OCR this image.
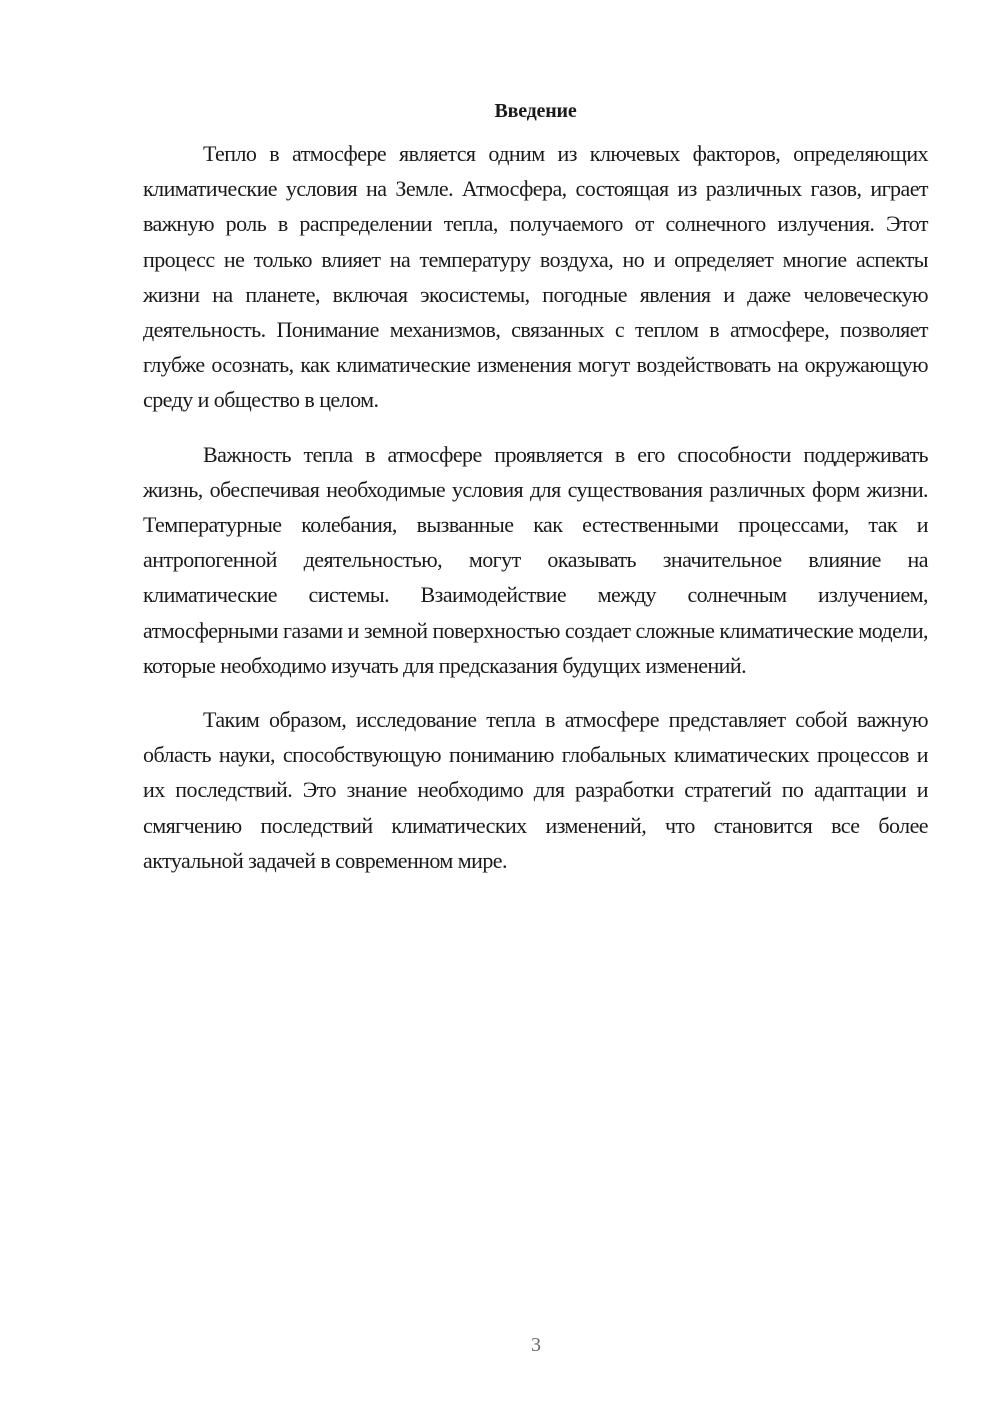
Введение

Тепло в атмосфере является одним из ключевых факторов, определяющих климатические условия на Земле. Атмосфера, состоящая из различных газов, играет важную роль в распределении тепла, получаемого от солнечного излучения. Этот процесс не только влияет на температуру воздуха, но и определяет многие аспекты жизни на планете, включая экосистемы, погодные явления и даже человеческую деятельность. Понимание механизмов, связанных с теплом в атмосфере, позволяет глубже осознать, как климатические изменения могут воздействовать на окружающую среду и общество в целом.

Важность тепла в атмосфере проявляется в его способности поддерживать жизнь, обеспечивая необходимые условия для существования различных форм жизни. Температурные колебания, вызванные как естественными процессами, так и антропогенной деятельностью, могут оказывать значительное влияние на климатические системы. Взаимодействие между солнечным излучением, атмосферными газами и земной поверхностью создает сложные климатические модели, которые необходимо изучать для предсказания будущих изменений.

Таким образом, исследование тепла в атмосфере представляет собой важную область науки, способствующую пониманию глобальных климатических процессов и их последствий. Это знание необходимо для разработки стратегий по адаптации и смягчению последствий климатических изменений, что становится все более актуальной задачей в современном мире.

3
